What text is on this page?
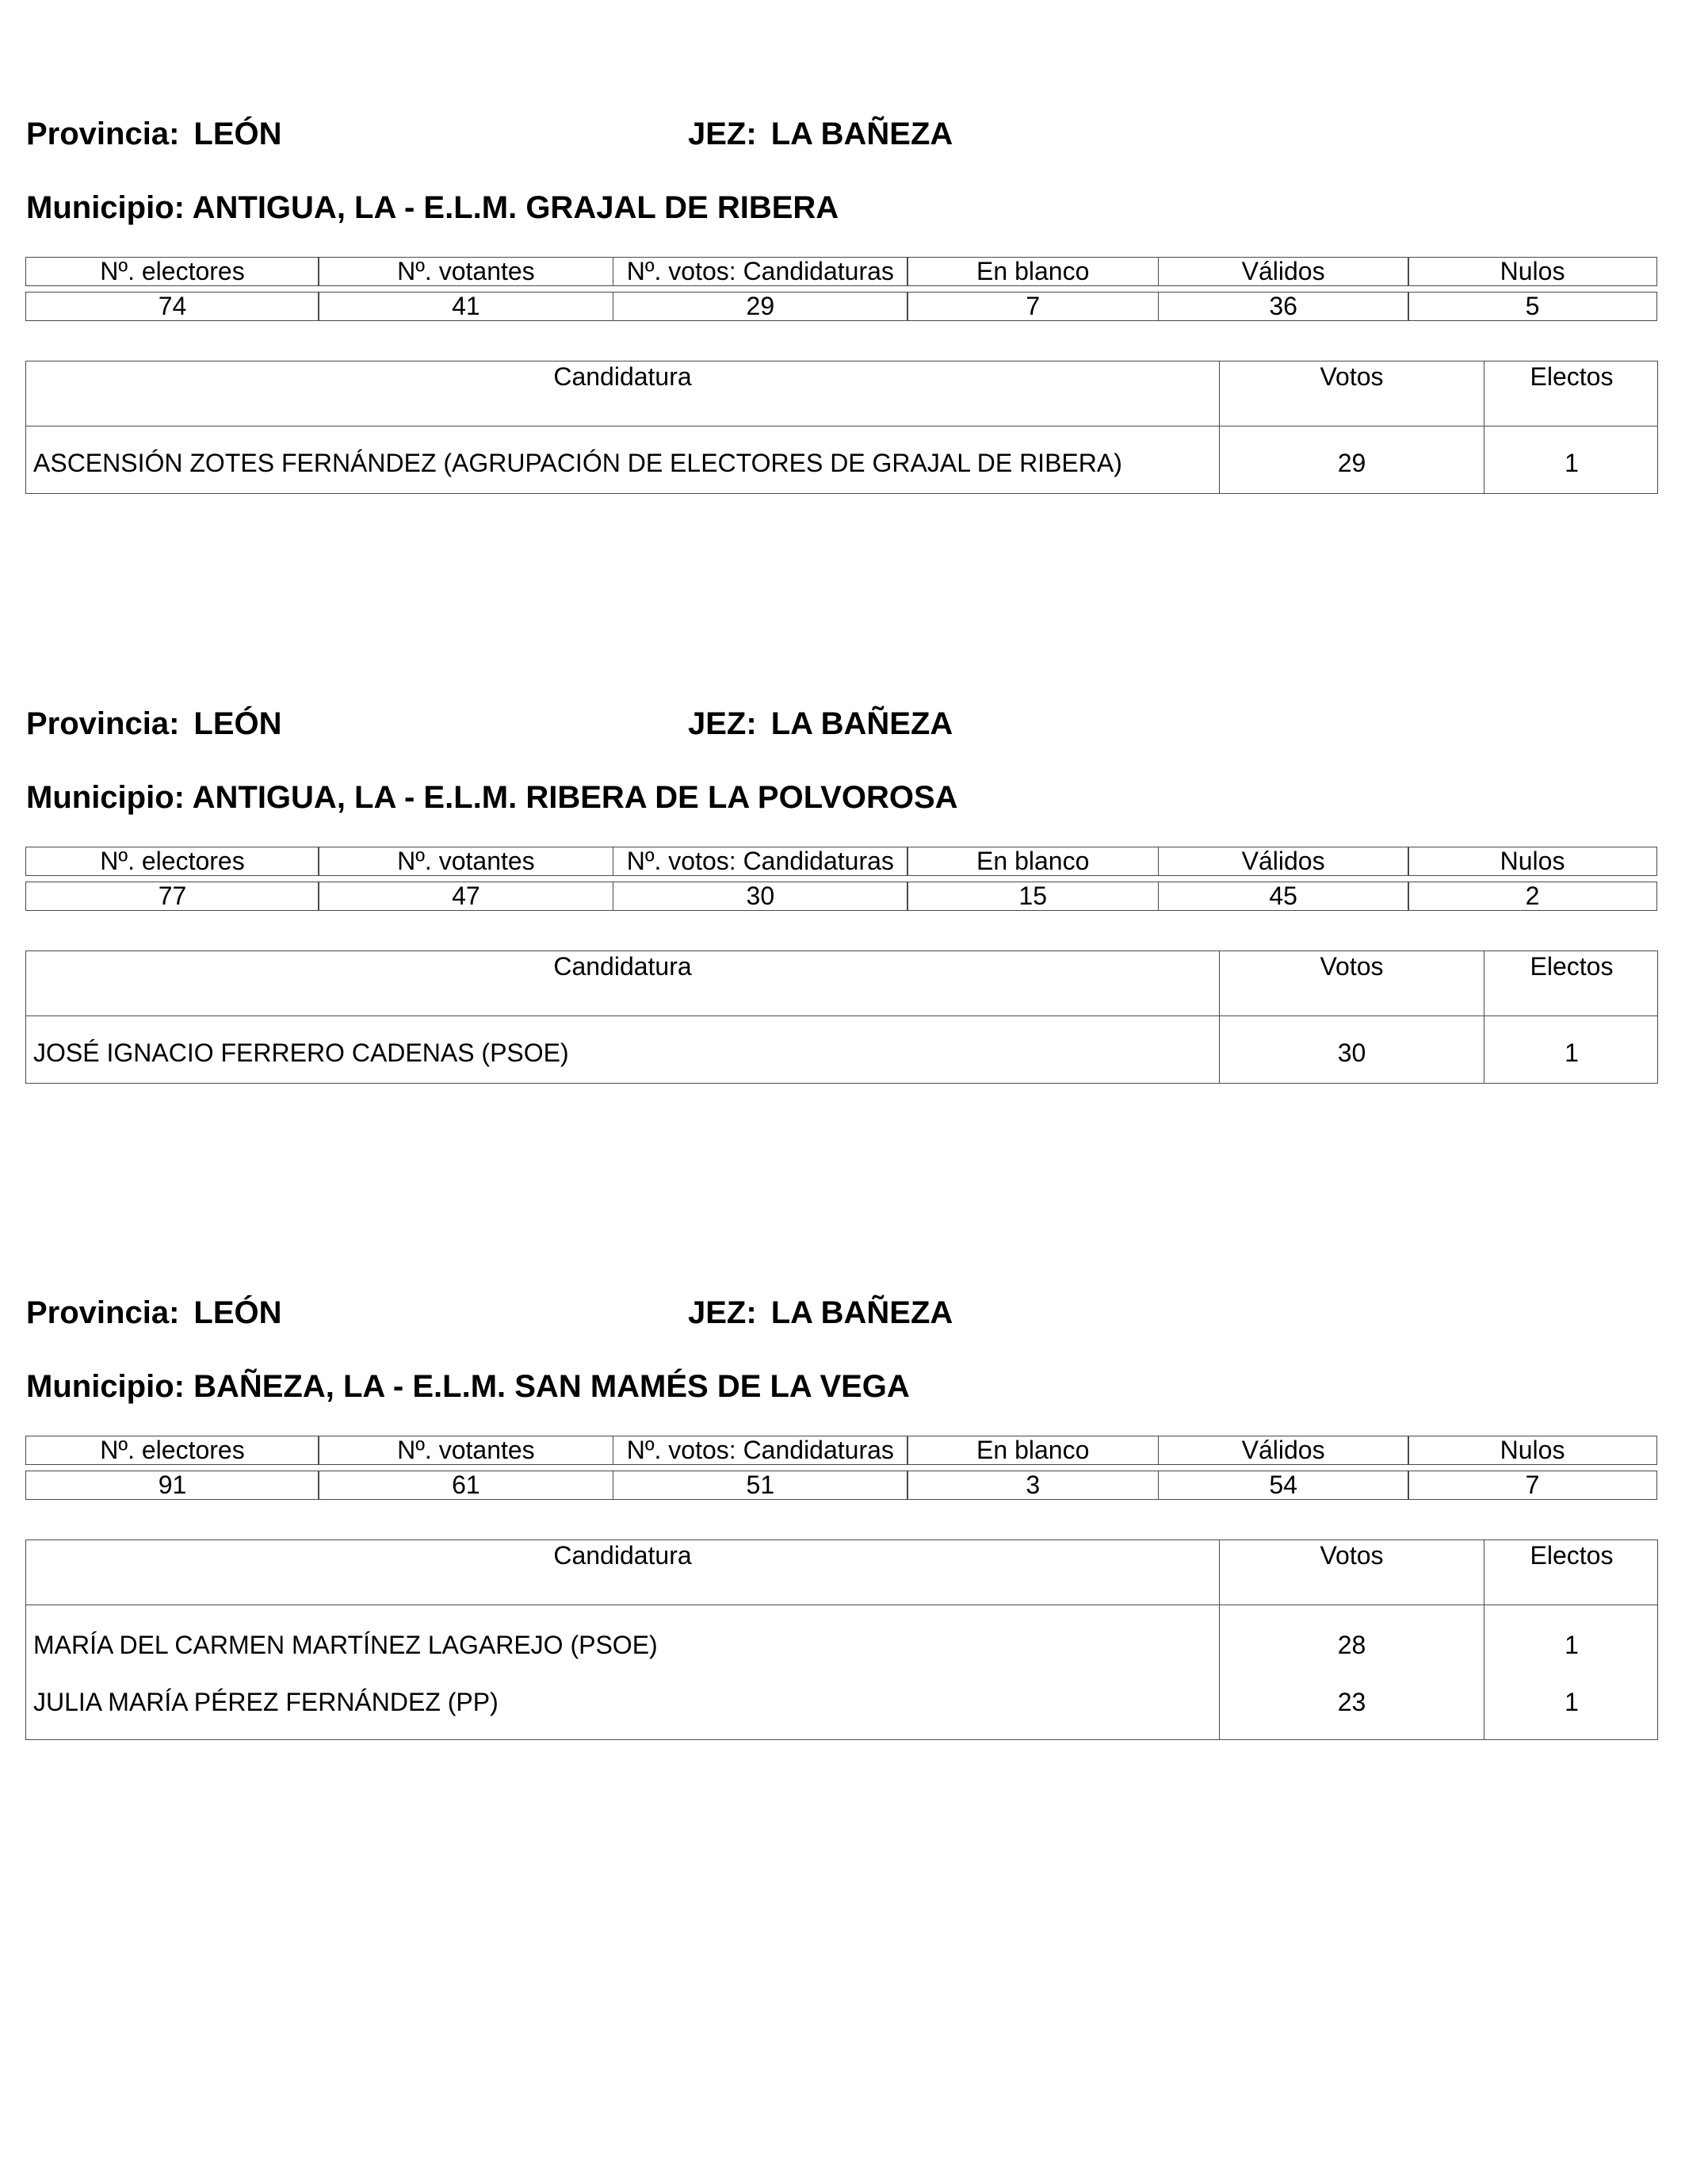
Provincia: LEÓN	JEZ: LA BAÑEZA
Municipio: ANTIGUA, LA - E.L.M. GRAJAL DE RIBERA
Nº. electores	Nº. votantes	Nº. votos: Candidaturas	En blanco	Válidos	Nulos
74	41	29	7	36	5
Candidatura	Votos	Electos
ASCENSIÓN ZOTES FERNÁNDEZ (AGRUPACIÓN DE ELECTORES DE GRAJAL DE RIBERA)	29	1
Provincia: LEÓN	JEZ: LA BAÑEZA
Municipio: ANTIGUA, LA - E.L.M. RIBERA DE LA POLVOROSA
Nº. electores	Nº. votantes	Nº. votos: Candidaturas	En blanco	Válidos	Nulos
77	47	30	15	45	2
Candidatura	Votos	Electos
JOSÉ IGNACIO FERRERO CADENAS (PSOE)	30	1
Provincia: LEÓN	JEZ: LA BAÑEZA
Municipio: BAÑEZA, LA - E.L.M. SAN MAMÉS DE LA VEGA
Nº. electores	Nº. votantes	Nº. votos: Candidaturas	En blanco	Válidos	Nulos
91	61	51	3	54	7
Candidatura	Votos	Electos
MARÍA DEL CARMEN MARTÍNEZ LAGAREJO (PSOE)	28	1
JULIA MARÍA PÉREZ FERNÁNDEZ (PP)	23	1
